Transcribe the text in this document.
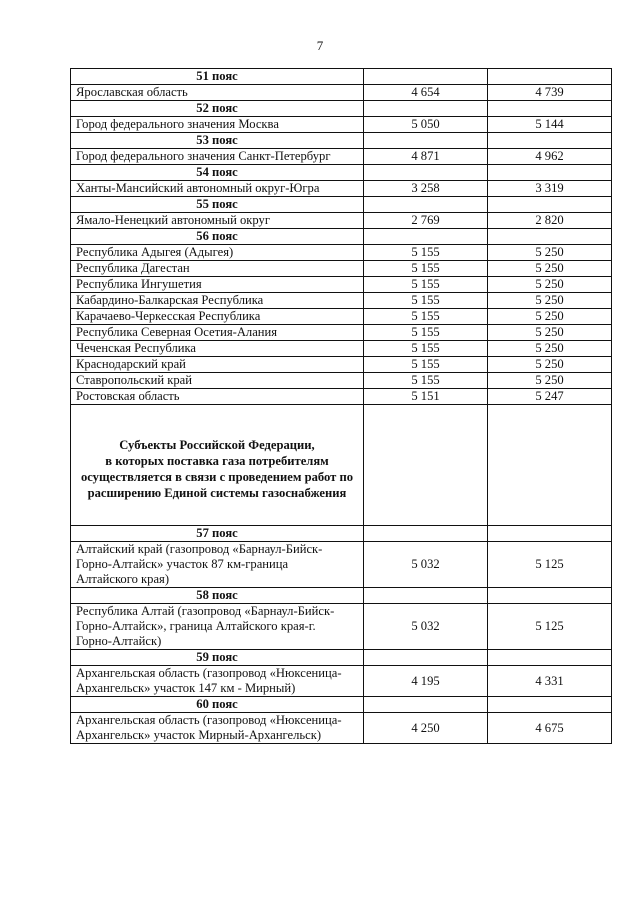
7
51 пояс		
Ярославская область	4 654	4 739
52 пояс		
Город федерального значения Москва	5 050	5 144
53 пояс		
Город федерального значения Санкт-Петербург	4 871	4 962
54 пояс		
Ханты-Мансийский автономный округ-Югра	3 258	3 319
55 пояс		
Ямало-Ненецкий автономный округ	2 769	2 820
56 пояс		
Республика Адыгея (Адыгея)	5 155	5 250
Республика Дагестан	5 155	5 250
Республика Ингушетия	5 155	5 250
Кабардино-Балкарская Республика	5 155	5 250
Карачаево-Черкесская Республика	5 155	5 250
Республика Северная Осетия-Алания	5 155	5 250
Чеченская Республика	5 155	5 250
Краснодарский край	5 155	5 250
Ставропольский край	5 155	5 250
Ростовская область	5 151	5 247

Субъекты Российской Федерации,
в которых поставка газа потребителям
осуществляется в связи с проведением работ по
расширению Единой системы газоснабжения		

57 пояс		

Алтайский край (газопровод «Барнаул-Бийск-
Горно-Алтайск» участок 87 км-граница
Алтайского края)	5 032	5 125
58 пояс		

Республика Алтай (газопровод «Барнаул-Бийск-
Горно-Алтайск», граница Алтайского края-г.
Горно-Алтайск)	5 032	5 125
59 пояс		

Архангельская область (газопровод «Нюксеница-
Архангельск» участок 147 км - Мирный)	4 195	4 331
60 пояс		

Архангельская область (газопровод «Нюксеница-
Архангельск» участок Мирный-Архангельск)	4 250	4 675
